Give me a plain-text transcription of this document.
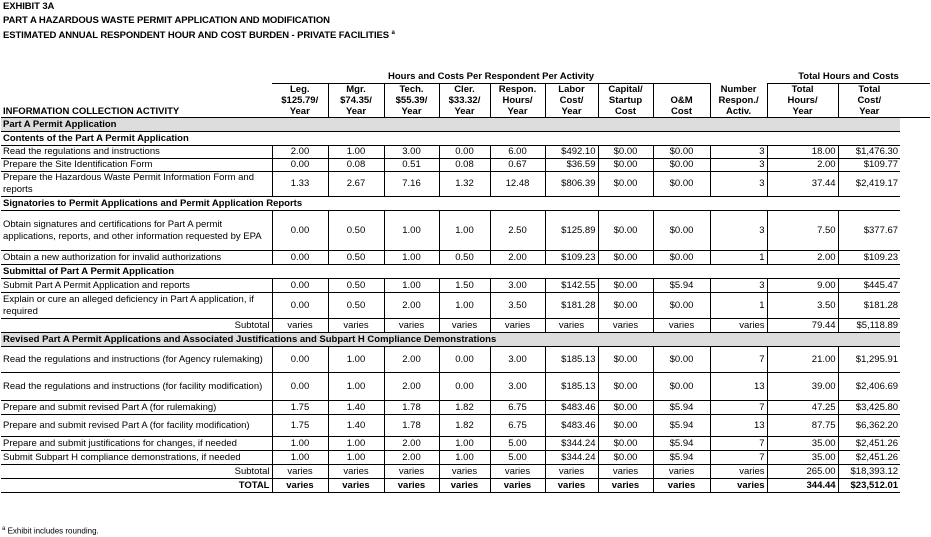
EXHIBIT 3A
PART A HAZARDOUS WASTE PERMIT APPLICATION AND MODIFICATION
ESTIMATED ANNUAL RESPONDENT HOUR AND COST BURDEN - PRIVATE FACILITIES $^a$
	Hours and Costs Per Respondent Per Activity									Total Hours and Costs	
INFORMATION COLLECTION ACTIVITY	Leg.
$125.79/
Year	Mgr.
$74.35/
Year	Tech.
$55.39/
Year	Cler.
$33.32/
Year	Respon.
Hours/
Year	Labor
Cost/
Year	Capital/
Startup
Cost	O&M
Cost	Number
Respon./
Activ.	Total
Hours/
Year	Total
Cost/
Year
Part A Permit Application											
Contents of the Part A Permit Application											
Read the regulations and instructions	2.00	1.00	3.00	0.00	6.00	$492.10	$0.00	$0.00	3	18.00	$1,476.30
Prepare the Site Identification Form	0.00	0.08	0.51	0.08	0.67	$36.59	$0.00	$0.00	3	2.00	$109.77
Prepare the Hazardous Waste Permit Information Form and reports	1.33	2.67	7.16	1.32	12.48	$806.39	$0.00	$0.00	3	37.44	$2,419.17
Signatories to Permit Applications and Permit Application Reports											
Obtain signatures and certifications for Part A permit applications, reports, and other information requested by EPA	0.00	0.50	1.00	1.00	2.50	$125.89	$0.00	$0.00	3	7.50	$377.67
Obtain a new authorization for invalid authorizations	0.00	0.50	1.00	0.50	2.00	$109.23	$0.00	$0.00	1	2.00	$109.23
Submittal of Part A Permit Application											
Submit Part A Permit Application and reports	0.00	0.50	1.00	1.50	3.00	$142.55	$0.00	$5.94	3	9.00	$445.47
Explain or cure an alleged deficiency in Part A application, if required	0.00	0.50	2.00	1.00	3.50	$181.28	$0.00	$0.00	1	3.50	$181.28
Subtotal	varies	varies	varies	varies	varies	varies	varies	varies	varies	79.44	$5,118.89
Revised Part A Permit Applications and Associated Justifications and Subpart H Compliance Demonstrations											
Read the regulations and instructions (for Agency rulemaking)	0.00	1.00	2.00	0.00	3.00	$185.13	$0.00	$0.00	7	21.00	$1,295.91
Read the regulations and instructions (for facility modification)	0.00	1.00	2.00	0.00	3.00	$185.13	$0.00	$0.00	13	39.00	$2,406.69
Prepare and submit revised Part A (for rulemaking)	1.75	1.40	1.78	1.82	6.75	$483.46	$0.00	$5.94	7	47.25	$3,425.80
Prepare and submit revised Part A (for facility modification)	1.75	1.40	1.78	1.82	6.75	$483.46	$0.00	$5.94	13	87.75	$6,362.20
Prepare and submit justifications for changes, if needed	1.00	1.00	2.00	1.00	5.00	$344.24	$0.00	$5.94	7	35.00	$2,451.26
Submit Subpart H compliance demonstrations, if needed	1.00	1.00	2.00	1.00	5.00	$344.24	$0.00	$5.94	7	35.00	$2,451.26
Subtotal	varies	varies	varies	varies	varies	varies	varies	varies	varies	265.00	$18,393.12
TOTAL	varies	varies	varies	varies	varies	varies	varies	varies	varies	344.44	$23,512.01
$^a$ Exhibit includes rounding.
